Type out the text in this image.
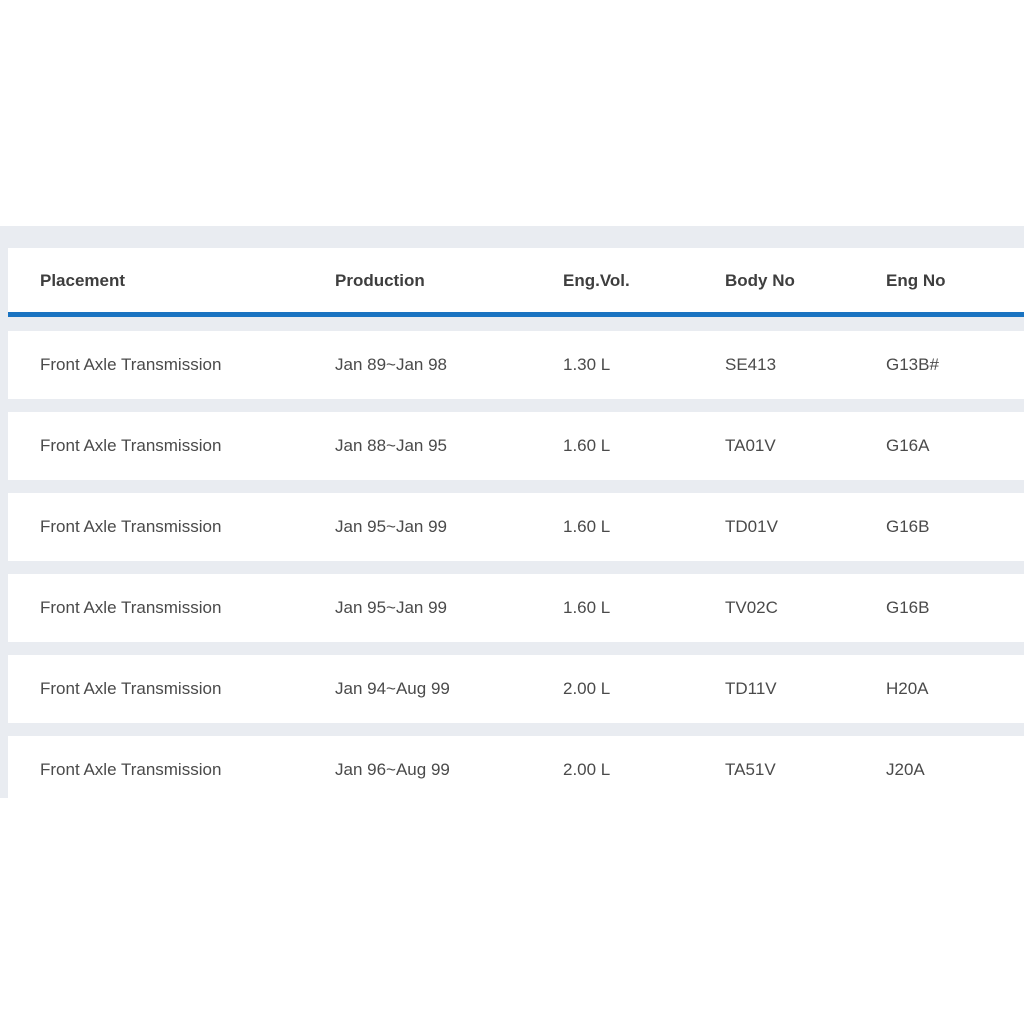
Placement	Production	Eng.Vol.	Body No	Eng No
Front Axle Transmission	Jan 89~Jan 98	1.30 L	SE413	G13B#
Front Axle Transmission	Jan 88~Jan 95	1.60 L	TA01V	G16A
Front Axle Transmission	Jan 95~Jan 99	1.60 L	TD01V	G16B
Front Axle Transmission	Jan 95~Jan 99	1.60 L	TV02C	G16B
Front Axle Transmission	Jan 94~Aug 99	2.00 L	TD11V	H20A
Front Axle Transmission	Jan 96~Aug 99	2.00 L	TA51V	J20A
